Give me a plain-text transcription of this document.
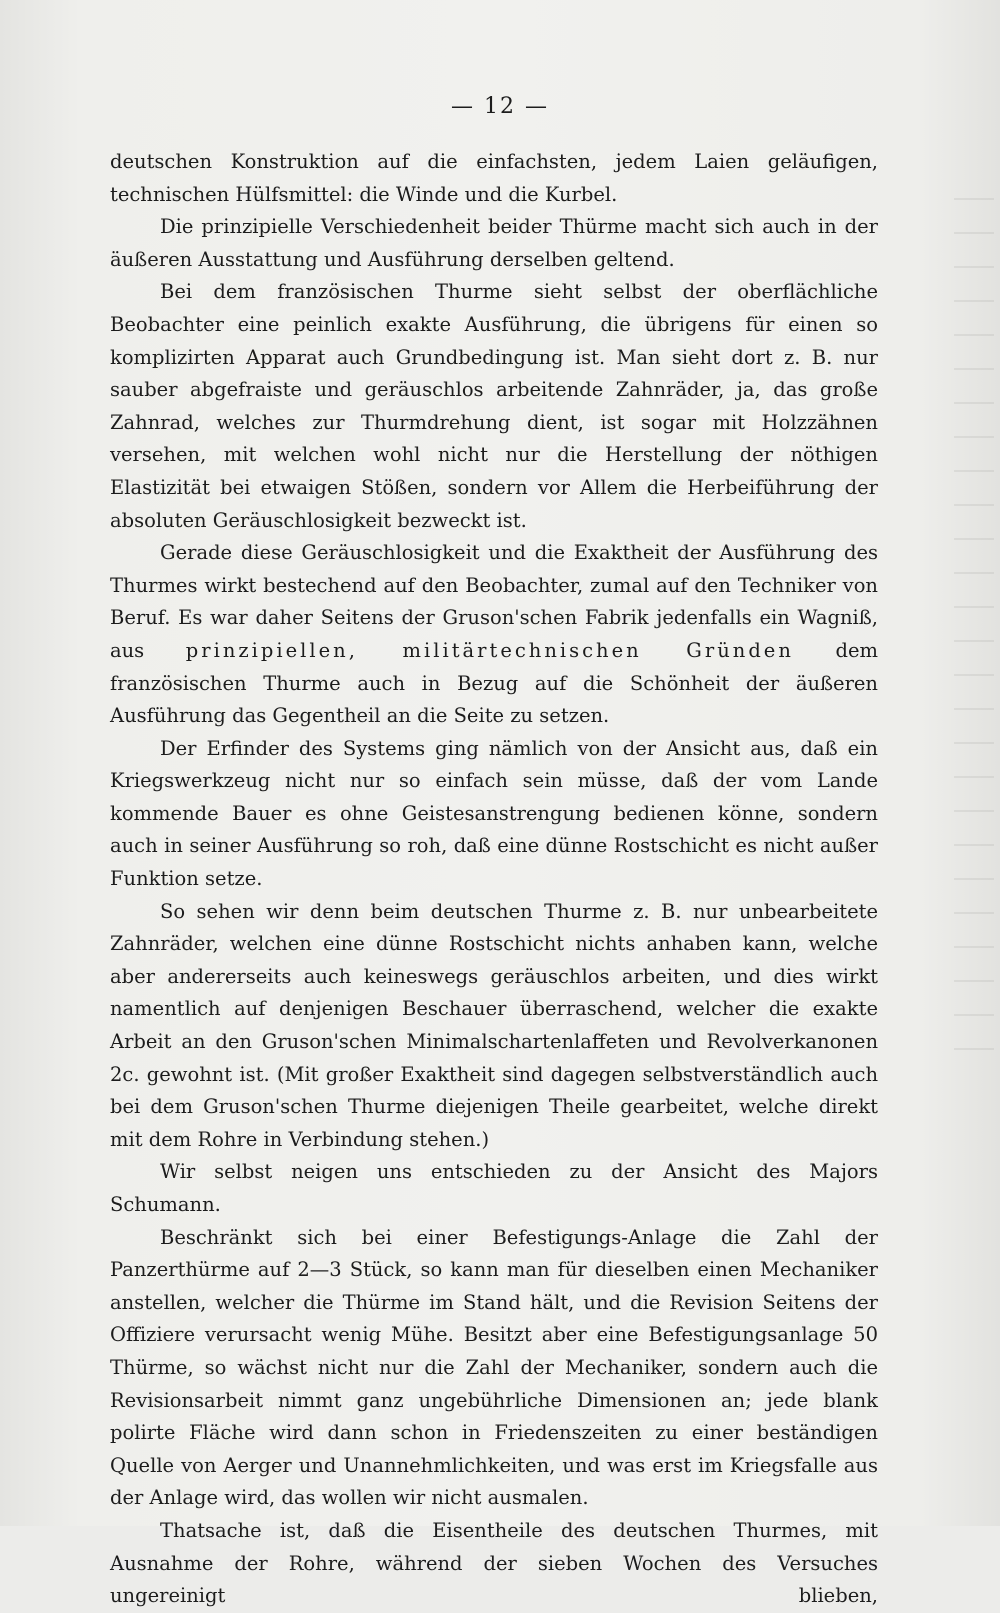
— 12 —

deutschen Konstruktion auf die einfachsten, jedem Laien geläufigen, technischen Hülfsmittel: die Winde und die Kurbel.

Die prinzipielle Verschiedenheit beider Thürme macht sich auch in der äußeren Ausstattung und Ausführung derselben geltend.

Bei dem französischen Thurme sieht selbst der oberflächliche Beobachter eine peinlich exakte Ausführung, die übrigens für einen so komplizirten Apparat auch Grundbedingung ist. Man sieht dort z. B. nur sauber abgefraiste und geräuschlos arbeitende Zahnräder, ja, das große Zahnrad, welches zur Thurmdrehung dient, ist sogar mit Holzzähnen versehen, mit welchen wohl nicht nur die Herstellung der nöthigen Elastizität bei etwaigen Stößen, sondern vor Allem die Herbeiführung der absoluten Geräuschlosigkeit bezweckt ist.

Gerade diese Geräuschlosigkeit und die Exaktheit der Ausführung des Thurmes wirkt bestechend auf den Beobachter, zumal auf den Techniker von Beruf. Es war daher Seitens der Gruson'schen Fabrik jedenfalls ein Wagniß, aus prinzipiellen, militärtechnischen Gründen dem französischen Thurme auch in Bezug auf die Schönheit der äußeren Ausführung das Gegentheil an die Seite zu setzen.

Der Erfinder des Systems ging nämlich von der Ansicht aus, daß ein Kriegswerkzeug nicht nur so einfach sein müsse, daß der vom Lande kommende Bauer es ohne Geistesanstrengung bedienen könne, sondern auch in seiner Ausführung so roh, daß eine dünne Rostschicht es nicht außer Funktion setze.

So sehen wir denn beim deutschen Thurme z. B. nur unbearbeitete Zahnräder, welchen eine dünne Rostschicht nichts anhaben kann, welche aber andererseits auch keineswegs geräuschlos arbeiten, und dies wirkt namentlich auf denjenigen Beschauer überraschend, welcher die exakte Arbeit an den Gruson'schen Minimalschartenlaffeten und Revolverkanonen 2c. gewohnt ist. (Mit großer Exaktheit sind dagegen selbstverständlich auch bei dem Gruson'schen Thurme diejenigen Theile gearbeitet, welche direkt mit dem Rohre in Verbindung stehen.)

Wir selbst neigen uns entschieden zu der Ansicht des Majors Schumann.

Beschränkt sich bei einer Befestigungs-Anlage die Zahl der Panzerthürme auf 2—3 Stück, so kann man für dieselben einen Mechaniker anstellen, welcher die Thürme im Stand hält, und die Revision Seitens der Offiziere verursacht wenig Mühe. Besitzt aber eine Befestigungsanlage 50 Thürme, so wächst nicht nur die Zahl der Mechaniker, sondern auch die Revisionsarbeit nimmt ganz ungebührliche Dimensionen an; jede blank polirte Fläche wird dann schon in Friedenszeiten zu einer beständigen Quelle von Aerger und Unannehmlichkeiten, und was erst im Kriegsfalle aus der Anlage wird, das wollen wir nicht ausmalen.

Thatsache ist, daß die Eisentheile des deutschen Thurmes, mit Ausnahme der Rohre, während der sieben Wochen des Versuches ungereinigt blieben,
